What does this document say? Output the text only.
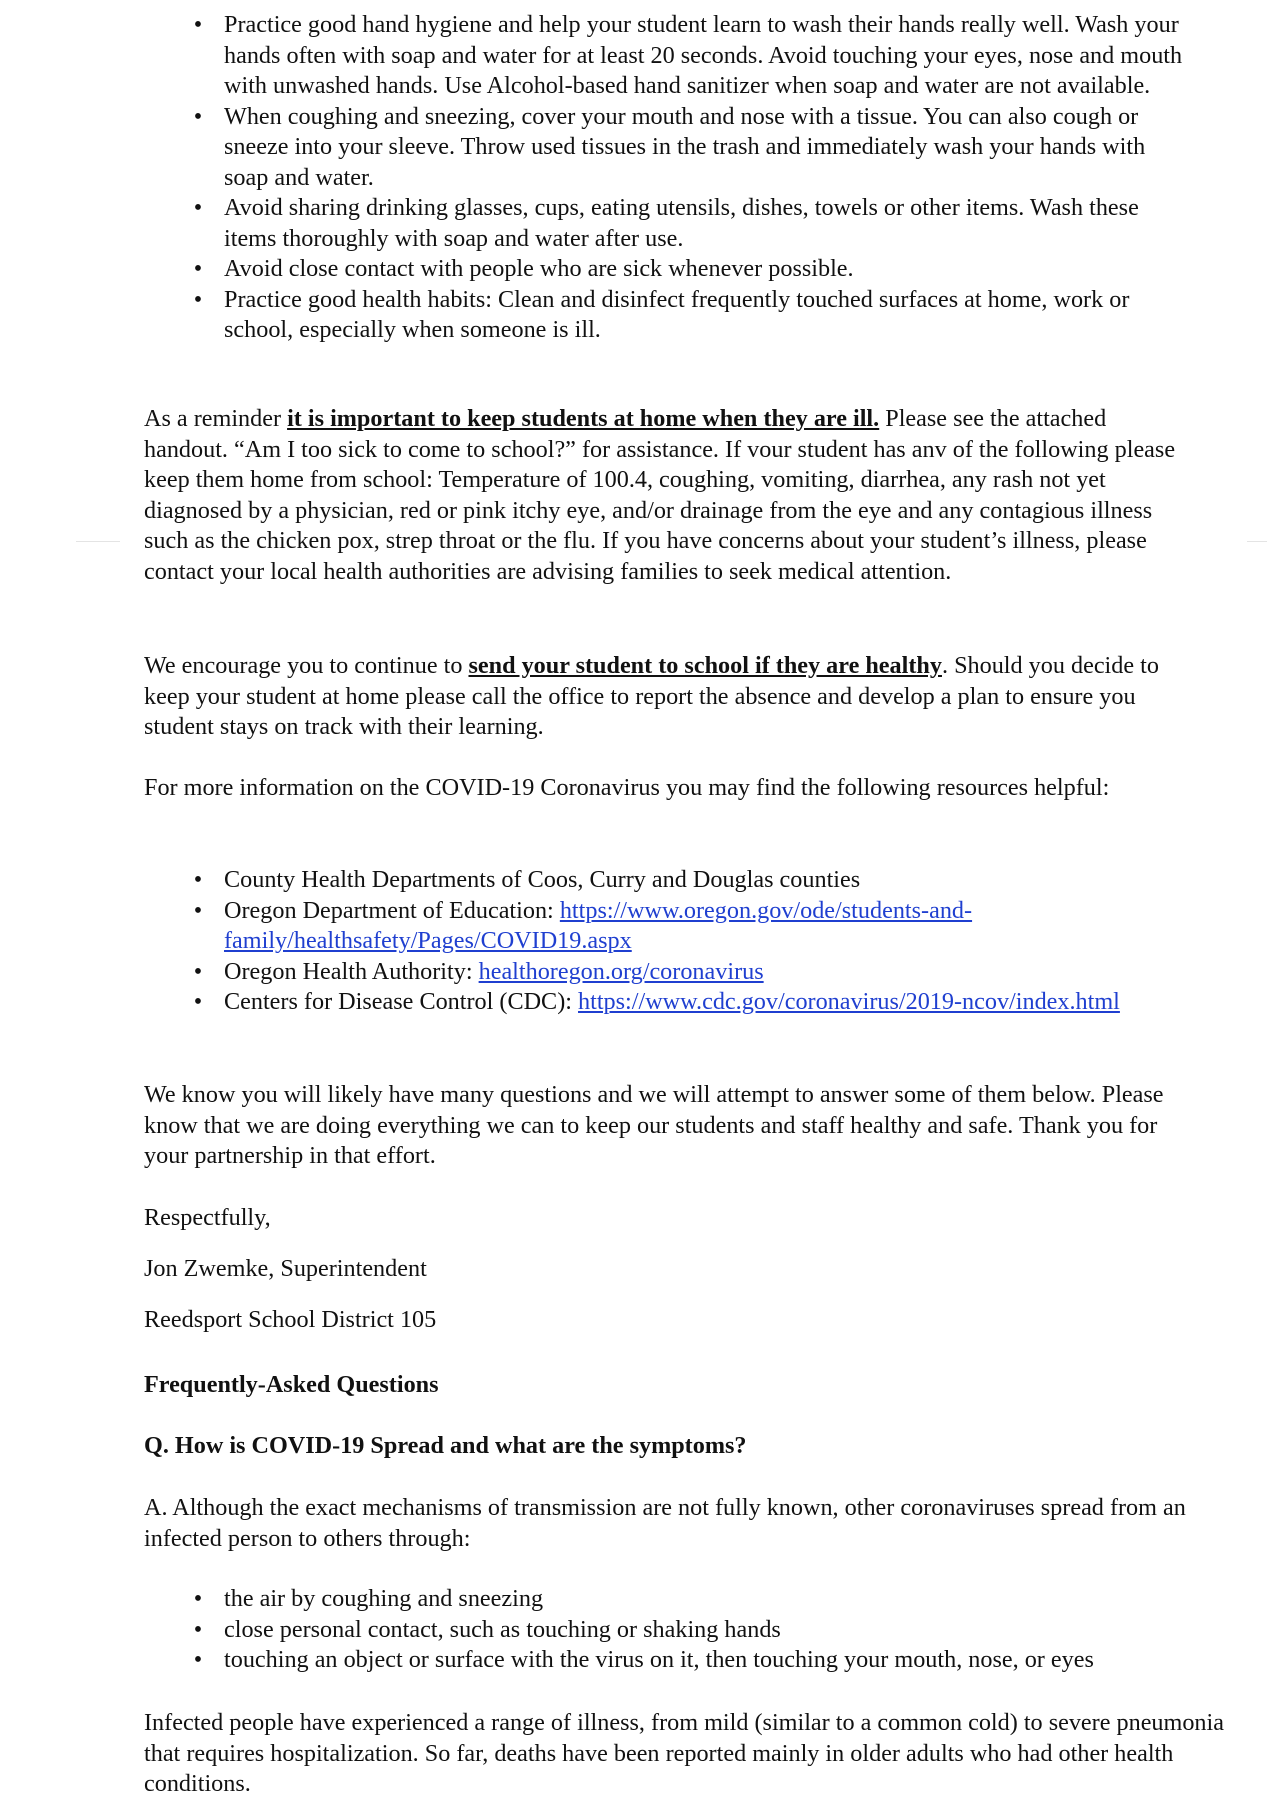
• Practice good hand hygiene and help your student learn to wash their hands really well. Wash your hands often with soap and water for at least 20 seconds. Avoid touching your eyes, nose and mouth with unwashed hands. Use Alcohol-based hand sanitizer when soap and water are not available.
• When coughing and sneezing, cover your mouth and nose with a tissue. You can also cough or sneeze into your sleeve. Throw used tissues in the trash and immediately wash your hands with soap and water.
• Avoid sharing drinking glasses, cups, eating utensils, dishes, towels or other items. Wash these items thoroughly with soap and water after use.
• Avoid close contact with people who are sick whenever possible.
• Practice good health habits: Clean and disinfect frequently touched surfaces at home, work or school, especially when someone is ill.

As a reminder it is important to keep students at home when they are ill. Please see the attached handout. “Am I too sick to come to school?” for assistance. If vour student has anv of the following please keep them home from school: Temperature of 100.4, coughing, vomiting, diarrhea, any rash not yet diagnosed by a physician, red or pink itchy eye, and/or drainage from the eye and any contagious illness such as the chicken pox, strep throat or the flu. If you have concerns about your student’s illness, please contact your local health authorities are advising families to seek medical attention.

We encourage you to continue to send your student to school if they are healthy. Should you decide to keep your student at home please call the office to report the absence and develop a plan to ensure you student stays on track with their learning.

For more information on the COVID-19 Coronavirus you may find the following resources helpful:

• County Health Departments of Coos, Curry and Douglas counties
• Oregon Department of Education: https://www.oregon.gov/ode/students-and-family/healthsafety/Pages/COVID19.aspx
• Oregon Health Authority: healthoregon.org/coronavirus
• Centers for Disease Control (CDC): https://www.cdc.gov/coronavirus/2019-ncov/index.html

We know you will likely have many questions and we will attempt to answer some of them below. Please know that we are doing everything we can to keep our students and staff healthy and safe. Thank you for your partnership in that effort.

Respectfully,

Jon Zwemke, Superintendent

Reedsport School District 105

Frequently-Asked Questions

Q. How is COVID-19 Spread and what are the symptoms?

A. Although the exact mechanisms of transmission are not fully known, other coronaviruses spread from an infected person to others through:

• the air by coughing and sneezing
• close personal contact, such as touching or shaking hands
• touching an object or surface with the virus on it, then touching your mouth, nose, or eyes

Infected people have experienced a range of illness, from mild (similar to a common cold) to severe pneumonia that requires hospitalization. So far, deaths have been reported mainly in older adults who had other health conditions.
